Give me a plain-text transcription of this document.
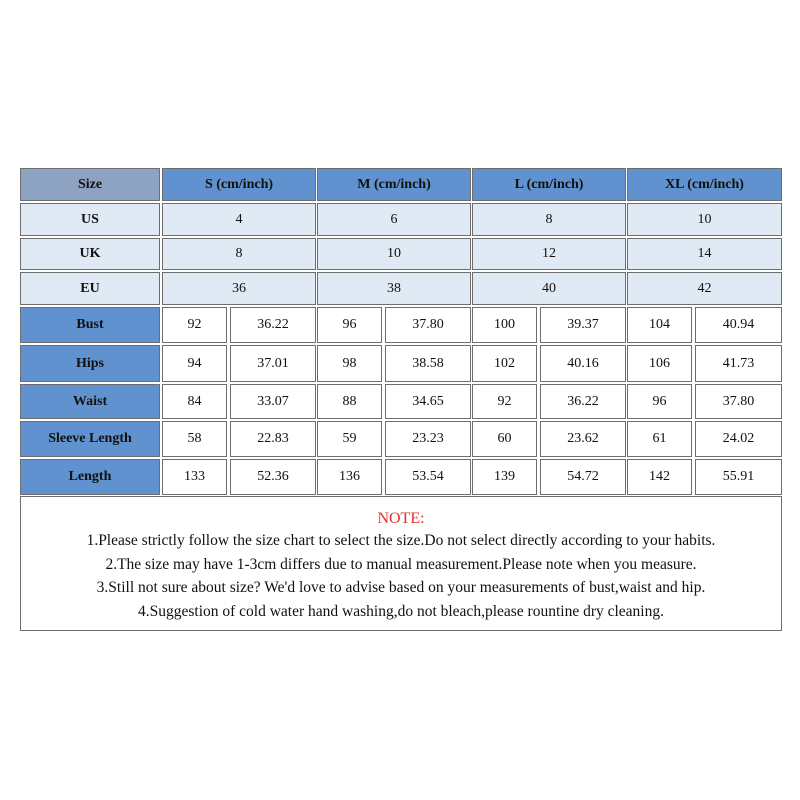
Size	S (cm/inch)	M (cm/inch)	L (cm/inch)	XL (cm/inch)
US	4	6	8	10
UK	8	10	12	14
EU	36	38	40	42
Bust	92	36.22	96	37.80	100	39.37	104	40.94
Hips	94	37.01	98	38.58	102	40.16	106	41.73
Waist	84	33.07	88	34.65	92	36.22	96	37.80
Sleeve Length	58	22.83	59	23.23	60	23.62	61	24.02
Length	133	52.36	136	53.54	139	54.72	142	55.91
NOTE:
1.Please strictly follow the size chart to select the size.Do not select directly according to your habits.
2.The size may have 1-3cm differs due to manual measurement.Please note when you measure.
3.Still not sure about size? We'd love to advise based on your measurements of bust,waist and hip.
4.Suggestion of cold water hand washing,do not bleach,please rountine dry cleaning.
